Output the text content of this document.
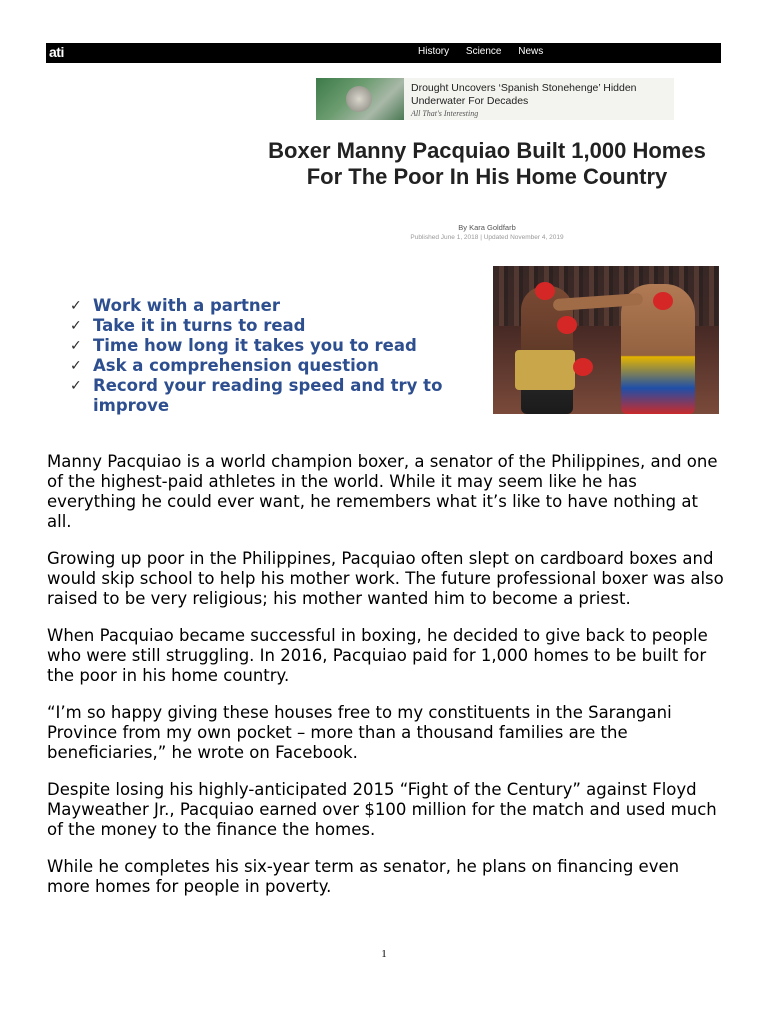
ati	History Science News
Drought Uncovers ‘Spanish Stonehenge’ Hidden Underwater For Decades
All That's Interesting
Boxer Manny Pacquiao Built 1,000 Homes For The Poor In His Home Country
By Kara Goldfarb
Published June 1, 2018 | Updated November 4, 2019
✓ Work with a partner
✓ Take it in turns to read
✓ Time how long it takes you to read
✓ Ask a comprehension question
✓ Record your reading speed and try to improve

Manny Pacquiao is a world champion boxer, a senator of the Philippines, and one of the highest-paid athletes in the world. While it may seem like he has everything he could ever want, he remembers what it’s like to have nothing at all.

Growing up poor in the Philippines, Pacquiao often slept on cardboard boxes and would skip school to help his mother work. The future professional boxer was also raised to be very religious; his mother wanted him to become a priest.

When Pacquiao became successful in boxing, he decided to give back to people who were still struggling. In 2016, Pacquiao paid for 1,000 homes to be built for the poor in his home country.

“I’m so happy giving these houses free to my constituents in the Sarangani Province from my own pocket – more than a thousand families are the beneficiaries,” he wrote on Facebook.

Despite losing his highly-anticipated 2015 “Fight of the Century” against Floyd Mayweather Jr., Pacquiao earned over $100 million for the match and used much of the money to the finance the homes.

While he completes his six-year term as senator, he plans on financing even more homes for people in poverty.

1
